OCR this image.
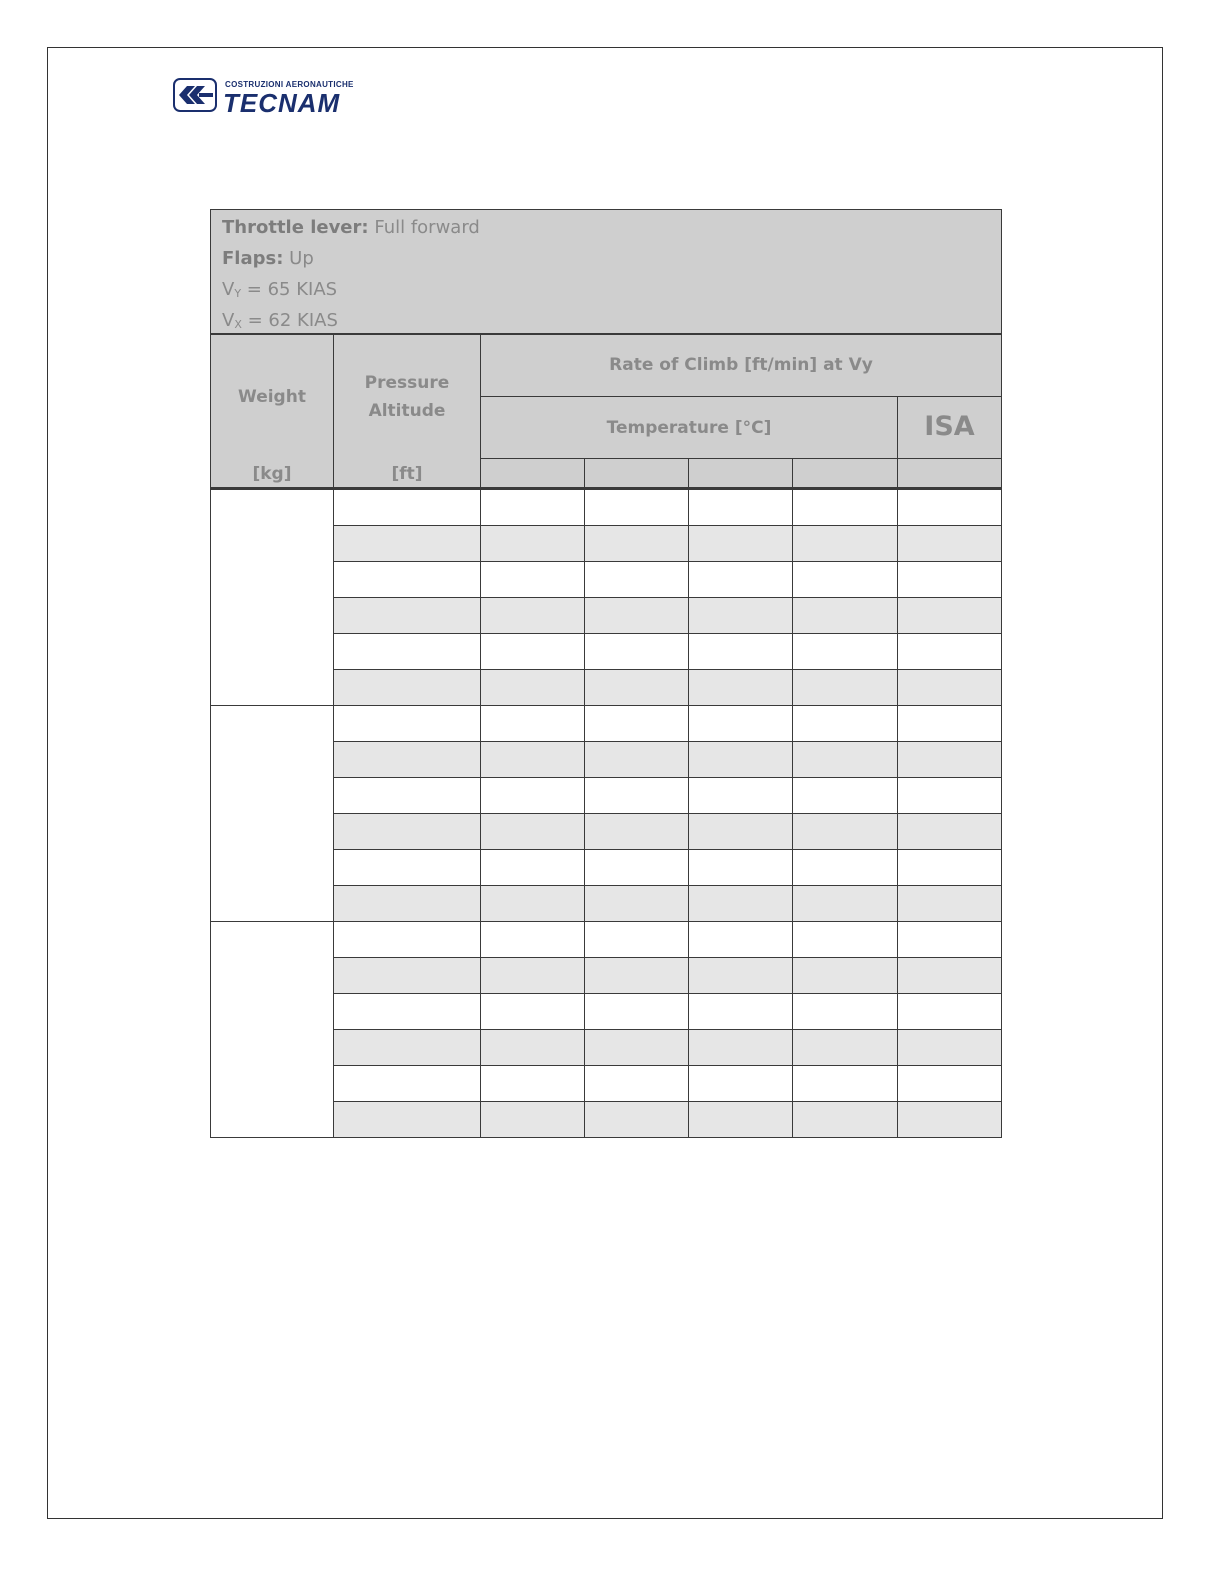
COSTRUZIONI AERONAUTICHE
TECNAM
Throttle lever: Full forward
Flaps: Up
$V_Y = 65$ KIAS
$V_X = 62$ KIAS
Weight
[kg]
Pressure
Altitude
[ft]
Rate of Climb [ft/min] at Vy
Temperature [°C]	ISA
